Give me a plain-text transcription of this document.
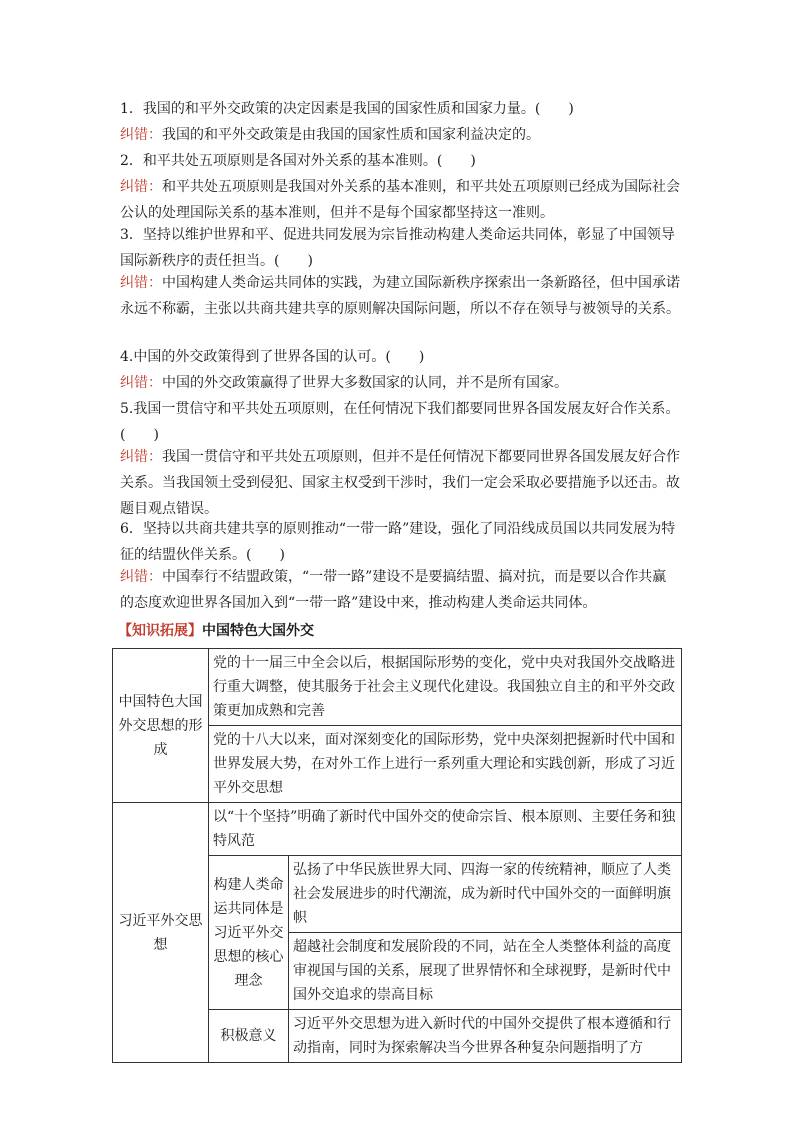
1．我国的和平外交政策的决定因素是我国的国家性质和国家力量。(　　)

纠错：我国的和平外交政策是由我国的国家性质和国家利益决定的。

2．和平共处五项原则是各国对外关系的基本准则。(　　)

纠错：和平共处五项原则是我国对外关系的基本准则，和平共处五项原则已经成为国际社会公认的处理国际关系的基本准则，但并不是每个国家都坚持这一准则。

3．坚持以维护世界和平、促进共同发展为宗旨推动构建人类命运共同体，彰显了中国领导国际新秩序的责任担当。(　　)

纠错：中国构建人类命运共同体的实践，为建立国际新秩序探索出一条新路径，但中国承诺永远不称霸，主张以共商共建共享的原则解决国际问题，所以不存在领导与被领导的关系。

4.中国的外交政策得到了世界各国的认可。(　　)

纠错：中国的外交政策赢得了世界大多数国家的认同，并不是所有国家。

5.我国一贯信守和平共处五项原则，在任何情况下我们都要同世界各国发展友好合作关系。(　　)

纠错：我国一贯信守和平共处五项原则，但并不是任何情况下都要同世界各国发展友好合作关系。当我国领土受到侵犯、国家主权受到干涉时，我们一定会采取必要措施予以还击。故题目观点错误。

6．坚持以共商共建共享的原则推动“一带一路”建设，强化了同沿线成员国以共同发展为特征的结盟伙伴关系。(　　)

纠错：中国奉行不结盟政策，“一带一路”建设不是要搞结盟、搞对抗，而是要以合作共赢的态度欢迎世界各国加入到“一带一路”建设中来，推动构建人类命运共同体。

【知识拓展】中国特色大国外交
中国特色大国外交思想的形成	党的十一届三中全会以后，根据国际形势的变化，党中央对我国外交战略进行重大调整，使其服务于社会主义现代化建设。我国独立自主的和平外交政策更加成熟和完善	
	党的十八大以来，面对深刻变化的国际形势，党中央深刻把握新时代中国和世界发展大势，在对外工作上进行一系列重大理论和实践创新，形成了习近平外交思想	
习近平外交思想	以“十个坚持”明确了新时代中国外交的使命宗旨、根本原则、主要任务和独特风范	
	构建人类命运共同体是习近平外交思想的核心理念	弘扬了中华民族世界大同、四海一家的传统精神，顺应了人类社会发展进步的时代潮流，成为新时代中国外交的一面鲜明旗帜
		超越社会制度和发展阶段的不同，站在全人类整体利益的高度审视国与国的关系，展现了世界情怀和全球视野，是新时代中国外交追求的崇高目标
	积极意义	习近平外交思想为进入新时代的中国外交提供了根本遵循和行动指南，同时为探索解决当今世界各种复杂问题指明了方
